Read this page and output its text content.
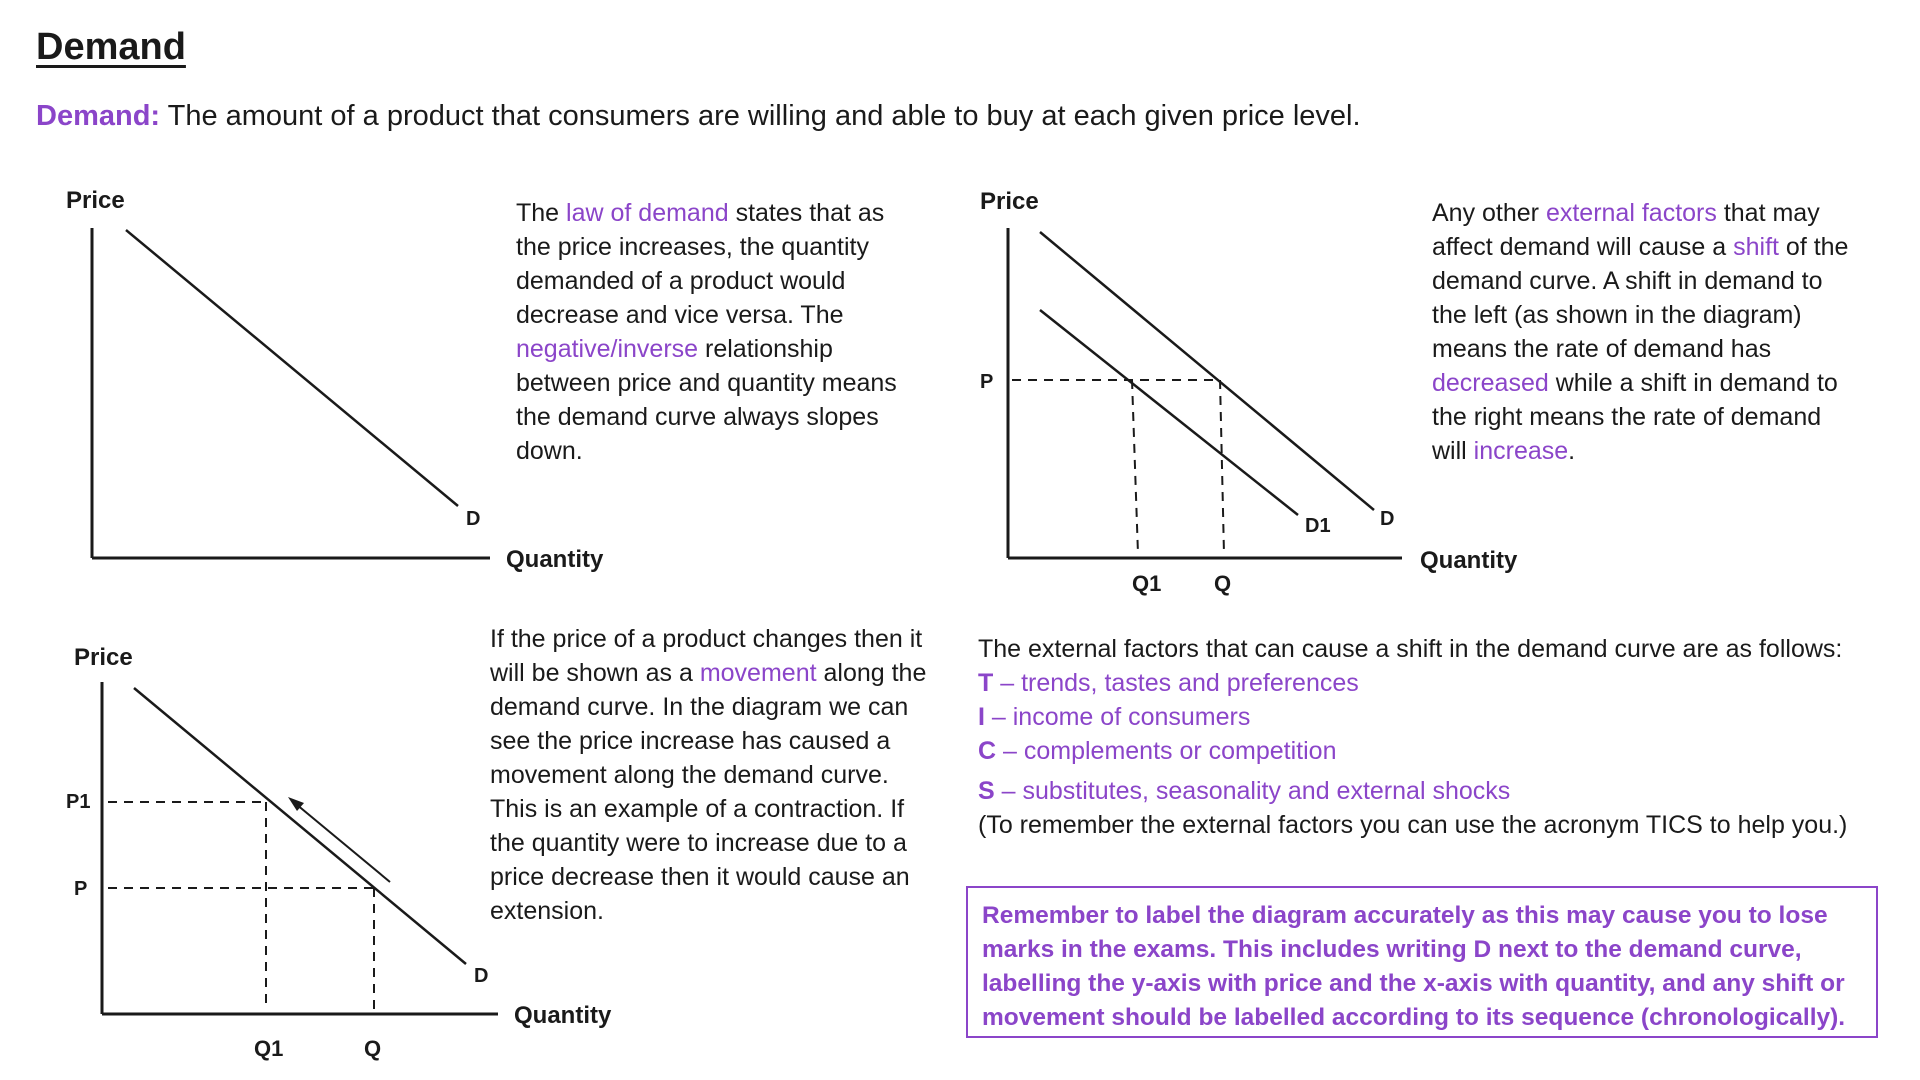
Demand
Demand: The amount of a product that consumers are willing and able to buy at each given price level.
Price
Quantity
D
Price
Quantity
P
Q1 Q
D
D1
Price
Quantity
P1
P
Q1	Q
D

The law of demand states that as the price increases, the quantity demanded of a product would decrease and vice versa. The negative/inverse relationship between price and quantity means the demand curve always slopes down.

Any other external factors that may affect demand will cause a shift of the demand curve. A shift in demand to the left (as shown in the diagram) means the rate of demand has decreased while a shift in demand to the right means the rate of demand will increase.

If the price of a product changes then it will be shown as a movement along the demand curve. In the diagram we can see the price increase has caused a movement along the demand curve. This is an example of a contraction. If the quantity were to increase due to a price decrease then it would cause an extension.

The external factors that can cause a shift in the demand curve are as follows:
T – trends, tastes and preferences
I – income of consumers
C – complements or competition
S – substitutes, seasonality and external shocks
(To remember the external factors you can use the acronym TICS to help you.)
Remember to label the diagram accurately as this may cause you to lose marks in the exams. This includes writing D next to the demand curve, labelling the y-axis with price and the x-axis with quantity, and any shift or movement should be labelled according to its sequence (chronologically).
